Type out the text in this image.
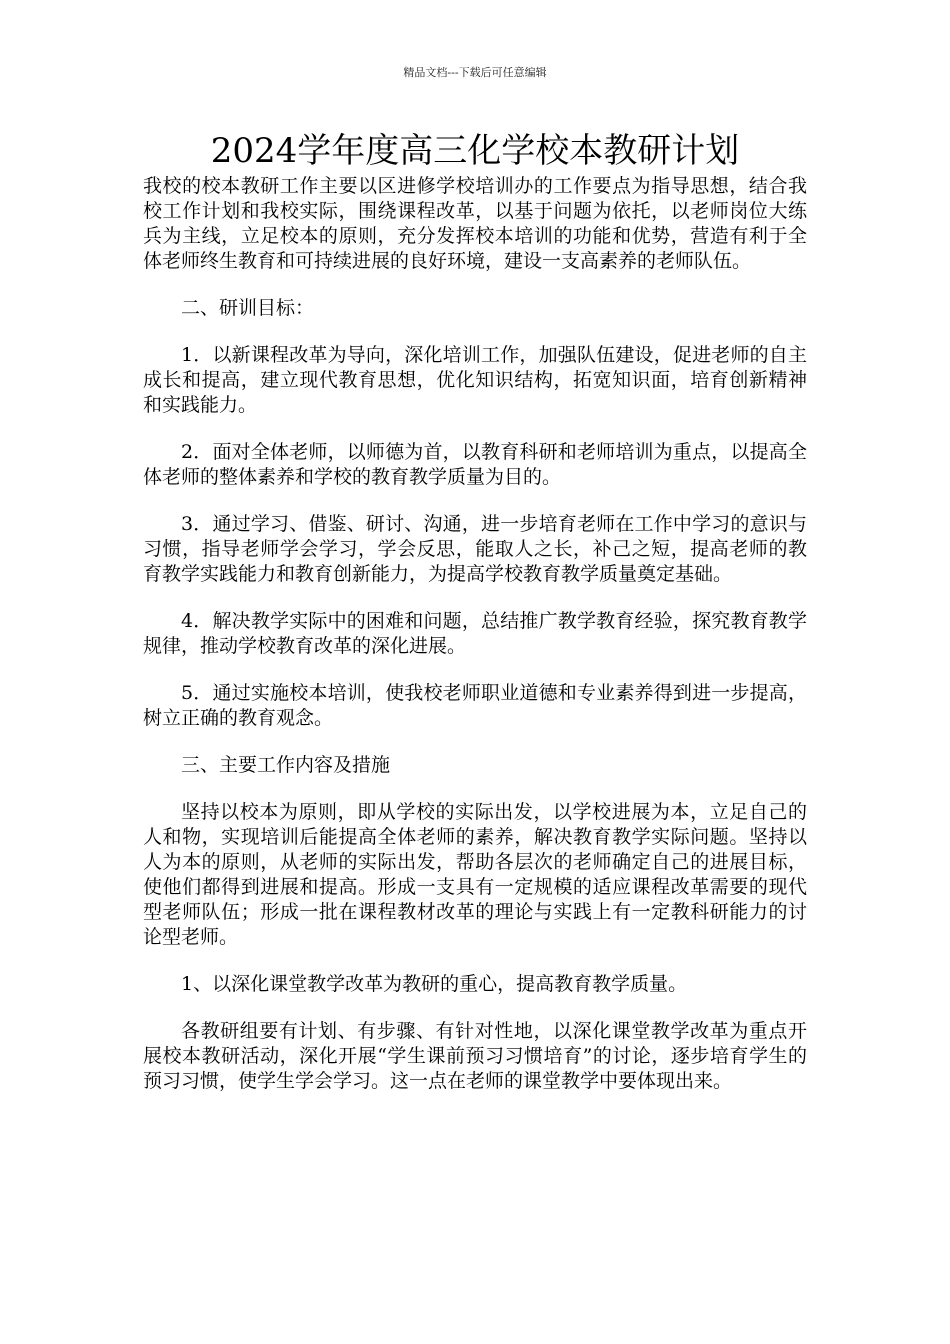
精品文档---下载后可任意编辑
2024学年度高三化学校本教研计划

我校的校本教研工作主要以区进修学校培训办的工作要点为指导思想，结合我校工作计划和我校实际，围绕课程改革，以基于问题为依托，以老师岗位大练兵为主线，立足校本的原则，充分发挥校本培训的功能和优势，营造有利于全体老师终生教育和可持续进展的良好环境，建设一支高素养的老师队伍。

二、研训目标：

1．以新课程改革为导向，深化培训工作，加强队伍建设，促进老师的自主成长和提高，建立现代教育思想，优化知识结构，拓宽知识面，培育创新精神和实践能力。

2．面对全体老师，以师德为首，以教育科研和老师培训为重点，以提高全体老师的整体素养和学校的教育教学质量为目的。

3．通过学习、借鉴、研讨、沟通，进一步培育老师在工作中学习的意识与习惯，指导老师学会学习，学会反思，能取人之长，补己之短，提高老师的教育教学实践能力和教育创新能力，为提高学校教育教学质量奠定基础。

4．解决教学实际中的困难和问题，总结推广教学教育经验，探究教育教学规律，推动学校教育改革的深化进展。

5．通过实施校本培训，使我校老师职业道德和专业素养得到进一步提高，树立正确的教育观念。

三、主要工作内容及措施

坚持以校本为原则，即从学校的实际出发，以学校进展为本，立足自己的人和物，实现培训后能提高全体老师的素养，解决教育教学实际问题。坚持以人为本的原则，从老师的实际出发，帮助各层次的老师确定自己的进展目标，使他们都得到进展和提高。形成一支具有一定规模的适应课程改革需要的现代型老师队伍；形成一批在课程教材改革的理论与实践上有一定教科研能力的讨论型老师。

1、以深化课堂教学改革为教研的重心，提高教育教学质量。

各教研组要有计划、有步骤、有针对性地，以深化课堂教学改革为重点开展校本教研活动，深化开展“学生课前预习习惯培育”的讨论，逐步培育学生的预习习惯，使学生学会学习。这一点在老师的课堂教学中要体现出来。
